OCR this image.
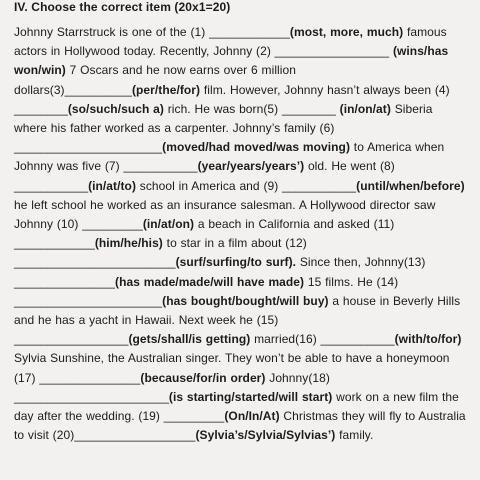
IV. Choose the correct item (20x1=20)

Johnny Starrstruck is one of the (1) ____________(most, more, much) famous actors in Hollywood today. Recently, Johnny (2) _________________ (wins/has won/win) 7 Oscars and he now earns over 6 million dollars(3)__________(per/the/for) film. However, Johnny hasn’t always been (4) ________(so/such/such a) rich. He was born(5) ________ (in/on/at) Siberia where his father worked as a carpenter. Johnny’s family (6) ______________________(moved/had moved/was moving) to America when Johnny was five (7) ___________(year/years/years’) old. He went (8) ___________(in/at/to) school in America and (9) ___________(until/when/before) he left school he worked as an insurance salesman. A Hollywood director saw Johnny (10) _________(in/at/on) a beach in California and asked (11) ____________(him/he/his) to star in a film about (12) ________________________(surf/surfing/to surf). Since then, Johnny(13) _______________(has made/made/will have made) 15 films. He (14) ______________________(has bought/bought/will buy) a house in Beverly Hills and he has a yacht in Hawaii. Next week he (15) _________________(gets/shall/is getting) married(16) ___________(with/to/for) Sylvia Sunshine, the Australian singer. They won’t be able to have a honeymoon (17) _______________(because/for/in order) Johnny(18) _______________________(is starting/started/will start) work on a new film the day after the wedding. (19) _________(On/In/At) Christmas they will fly to Australia to visit (20)__________________(Sylvia’s/Sylvia/Sylvias’) family.
